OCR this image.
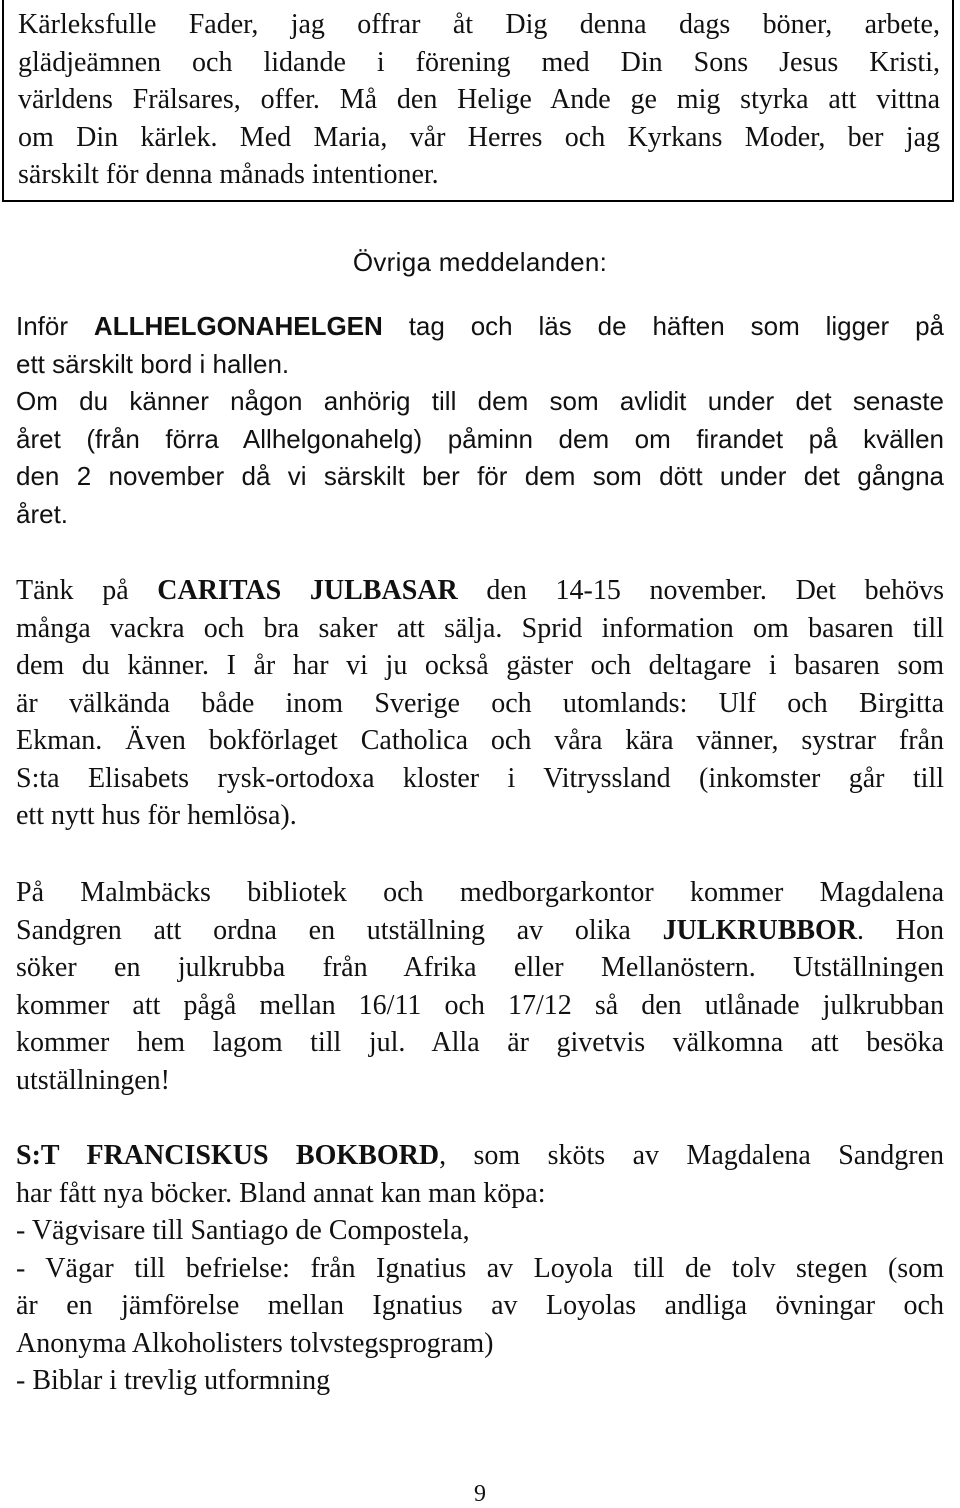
Kärleksfulle Fader, jag offrar åt Dig denna dags böner, arbete,

glädjeämnen och lidande i förening med Din Sons Jesus Kristi,

världens Frälsares, offer. Må den Helige Ande ge mig styrka att vittna

om Din kärlek. Med Maria, vår Herres och Kyrkans Moder, ber jag

särskilt för denna månads intentioner.

Övriga meddelanden:

Inför ALLHELGONAHELGEN tag och läs de häften som ligger på

ett särskilt bord i hallen.

Om du känner någon anhörig till dem som avlidit under det senaste

året (från förra Allhelgonahelg) påminn dem om firandet på kvällen

den 2 november då vi särskilt ber för dem som dött under det gångna

året.

Tänk på CARITAS JULBASAR den 14-15 november. Det behövs

många vackra och bra saker att sälja. Sprid information om basaren till

dem du känner. I år har vi ju också gäster och deltagare i basaren som

är välkända både inom Sverige och utomlands: Ulf och Birgitta

Ekman. Även bokförlaget Catholica och våra kära vänner, systrar från

S:ta Elisabets rysk-ortodoxa kloster i Vitryssland (inkomster går till

ett nytt hus för hemlösa).

På Malmbäcks bibliotek och medborgarkontor kommer Magdalena

Sandgren att ordna en utställning av olika JULKRUBBOR. Hon

söker en julkrubba från Afrika eller Mellanöstern. Utställningen

kommer att pågå mellan 16/11 och 17/12 så den utlånade julkrubban

kommer hem lagom till jul. Alla är givetvis välkomna att besöka

utställningen!

S:T FRANCISKUS BOKBORD, som sköts av Magdalena Sandgren

har fått nya böcker. Bland annat kan man köpa:

- Vägvisare till Santiago de Compostela,

- Vägar till befrielse: från Ignatius av Loyola till de tolv stegen (som

är en jämförelse mellan Ignatius av Loyolas andliga övningar och

Anonyma Alkoholisters tolvstegsprogram)

- Biblar i trevlig utformning

9
